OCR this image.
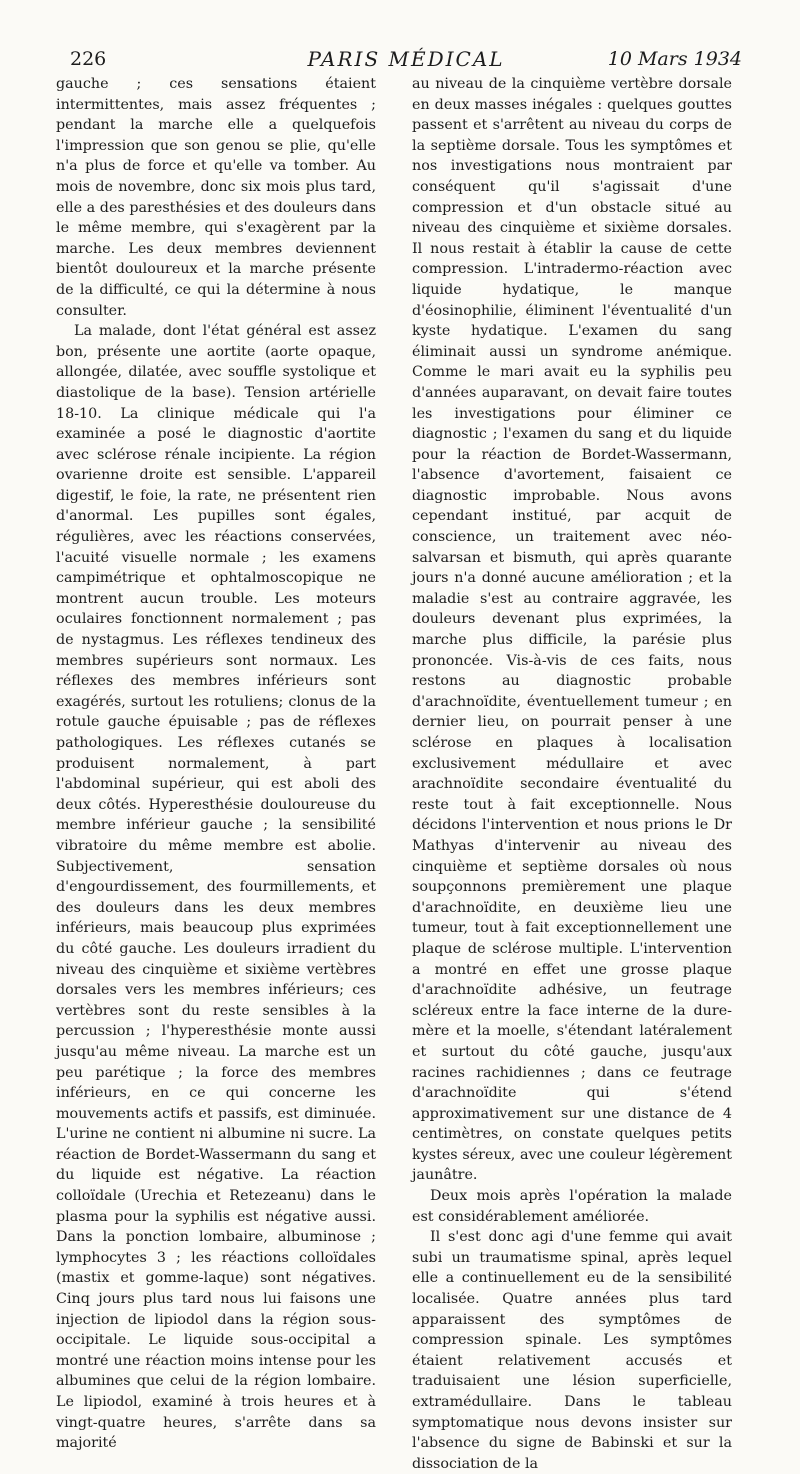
226	PARIS MÉDICAL	10 Mars 1934

gauche ; ces sensations étaient intermittentes, mais assez fréquentes ; pendant la marche elle a quelquefois l'impression que son genou se plie, qu'elle n'a plus de force et qu'elle va tomber. Au mois de novembre, donc six mois plus tard, elle a des paresthésies et des douleurs dans le même membre, qui s'exagèrent par la marche. Les deux membres deviennent bientôt douloureux et la marche présente de la difficulté, ce qui la détermine à nous consulter.

La malade, dont l'état général est assez bon, présente une aortite (aorte opaque, allongée, dilatée, avec souffle systolique et diastolique de la base). Tension artérielle 18-10. La clinique médicale qui l'a examinée a posé le diagnostic d'aortite avec sclérose rénale incipiente. La région ovarienne droite est sensible. L'appareil digestif, le foie, la rate, ne présentent rien d'anormal. Les pupilles sont égales, régulières, avec les réactions conservées, l'acuité visuelle normale ; les examens campimétrique et ophtalmoscopique ne montrent aucun trouble. Les moteurs oculaires fonctionnent normalement ; pas de nystagmus. Les réflexes tendineux des membres supérieurs sont normaux. Les réflexes des membres inférieurs sont exagérés, surtout les rotuliens; clonus de la rotule gauche épuisable ; pas de réflexes pathologiques. Les réflexes cutanés se produisent normalement, à part l'abdominal supérieur, qui est aboli des deux côtés. Hyperesthésie douloureuse du membre inférieur gauche ; la sensibilité vibratoire du même membre est abolie. Subjectivement, sensation d'engourdissement, des fourmillements, et des douleurs dans les deux membres inférieurs, mais beaucoup plus exprimées du côté gauche. Les douleurs irradient du niveau des cinquième et sixième vertèbres dorsales vers les membres inférieurs; ces vertèbres sont du reste sensibles à la percussion ; l'hyperesthésie monte aussi jusqu'au même niveau. La marche est un peu parétique ; la force des membres inférieurs, en ce qui concerne les mouvements actifs et passifs, est diminuée. L'urine ne contient ni albumine ni sucre. La réaction de Bordet-Wassermann du sang et du liquide est négative. La réaction colloïdale (Urechia et Retezeanu) dans le plasma pour la syphilis est négative aussi. Dans la ponction lombaire, albuminose ; lymphocytes 3 ; les réactions colloïdales (mastix et gomme-laque) sont négatives. Cinq jours plus tard nous lui faisons une injection de lipiodol dans la région sous-occipitale. Le liquide sous-occipital a montré une réaction moins intense pour les albumines que celui de la région lombaire. Le lipiodol, examiné à trois heures et à vingt-quatre heures, s'arrête dans sa majorité

au niveau de la cinquième vertèbre dorsale en deux masses inégales : quelques gouttes passent et s'arrêtent au niveau du corps de la septième dorsale. Tous les symptômes et nos investigations nous montraient par conséquent qu'il s'agissait d'une compression et d'un obstacle situé au niveau des cinquième et sixième dorsales. Il nous restait à établir la cause de cette compression. L'intradermo-réaction avec liquide hydatique, le manque d'éosinophilie, éliminent l'éventualité d'un kyste hydatique. L'examen du sang éliminait aussi un syndrome anémique. Comme le mari avait eu la syphilis peu d'années auparavant, on devait faire toutes les investigations pour éliminer ce diagnostic ; l'examen du sang et du liquide pour la réaction de Bordet-Wassermann, l'absence d'avortement, faisaient ce diagnostic improbable. Nous avons cependant institué, par acquit de conscience, un traitement avec néo-salvarsan et bismuth, qui après quarante jours n'a donné aucune amélioration ; et la maladie s'est au contraire aggravée, les douleurs devenant plus exprimées, la marche plus difficile, la parésie plus prononcée. Vis-à-vis de ces faits, nous restons au diagnostic probable d'arachnoïdite, éventuellement tumeur ; en dernier lieu, on pourrait penser à une sclérose en plaques à localisation exclusivement médullaire et avec arachnoïdite secondaire éventualité du reste tout à fait exceptionnelle. Nous décidons l'intervention et nous prions le Dr Mathyas d'intervenir au niveau des cinquième et septième dorsales où nous soupçonnons premièrement une plaque d'arachnoïdite, en deuxième lieu une tumeur, tout à fait exceptionnellement une plaque de sclérose multiple. L'intervention a montré en effet une grosse plaque d'arachnoïdite adhésive, un feutrage scléreux entre la face interne de la dure-mère et la moelle, s'étendant latéralement et surtout du côté gauche, jusqu'aux racines rachidiennes ; dans ce feutrage d'arachnoïdite qui s'étend approximativement sur une distance de 4 centimètres, on constate quelques petits kystes séreux, avec une couleur légèrement jaunâtre.

Deux mois après l'opération la malade est considérablement améliorée.

Il s'est donc agi d'une femme qui avait subi un traumatisme spinal, après lequel elle a continuellement eu de la sensibilité localisée. Quatre années plus tard apparaissent des symptômes de compression spinale. Les symptômes étaient relativement accusés et traduisaient une lésion superficielle, extramédullaire. Dans le tableau symptomatique nous devons insister sur l'absence du signe de Babinski et sur la dissociation de la
